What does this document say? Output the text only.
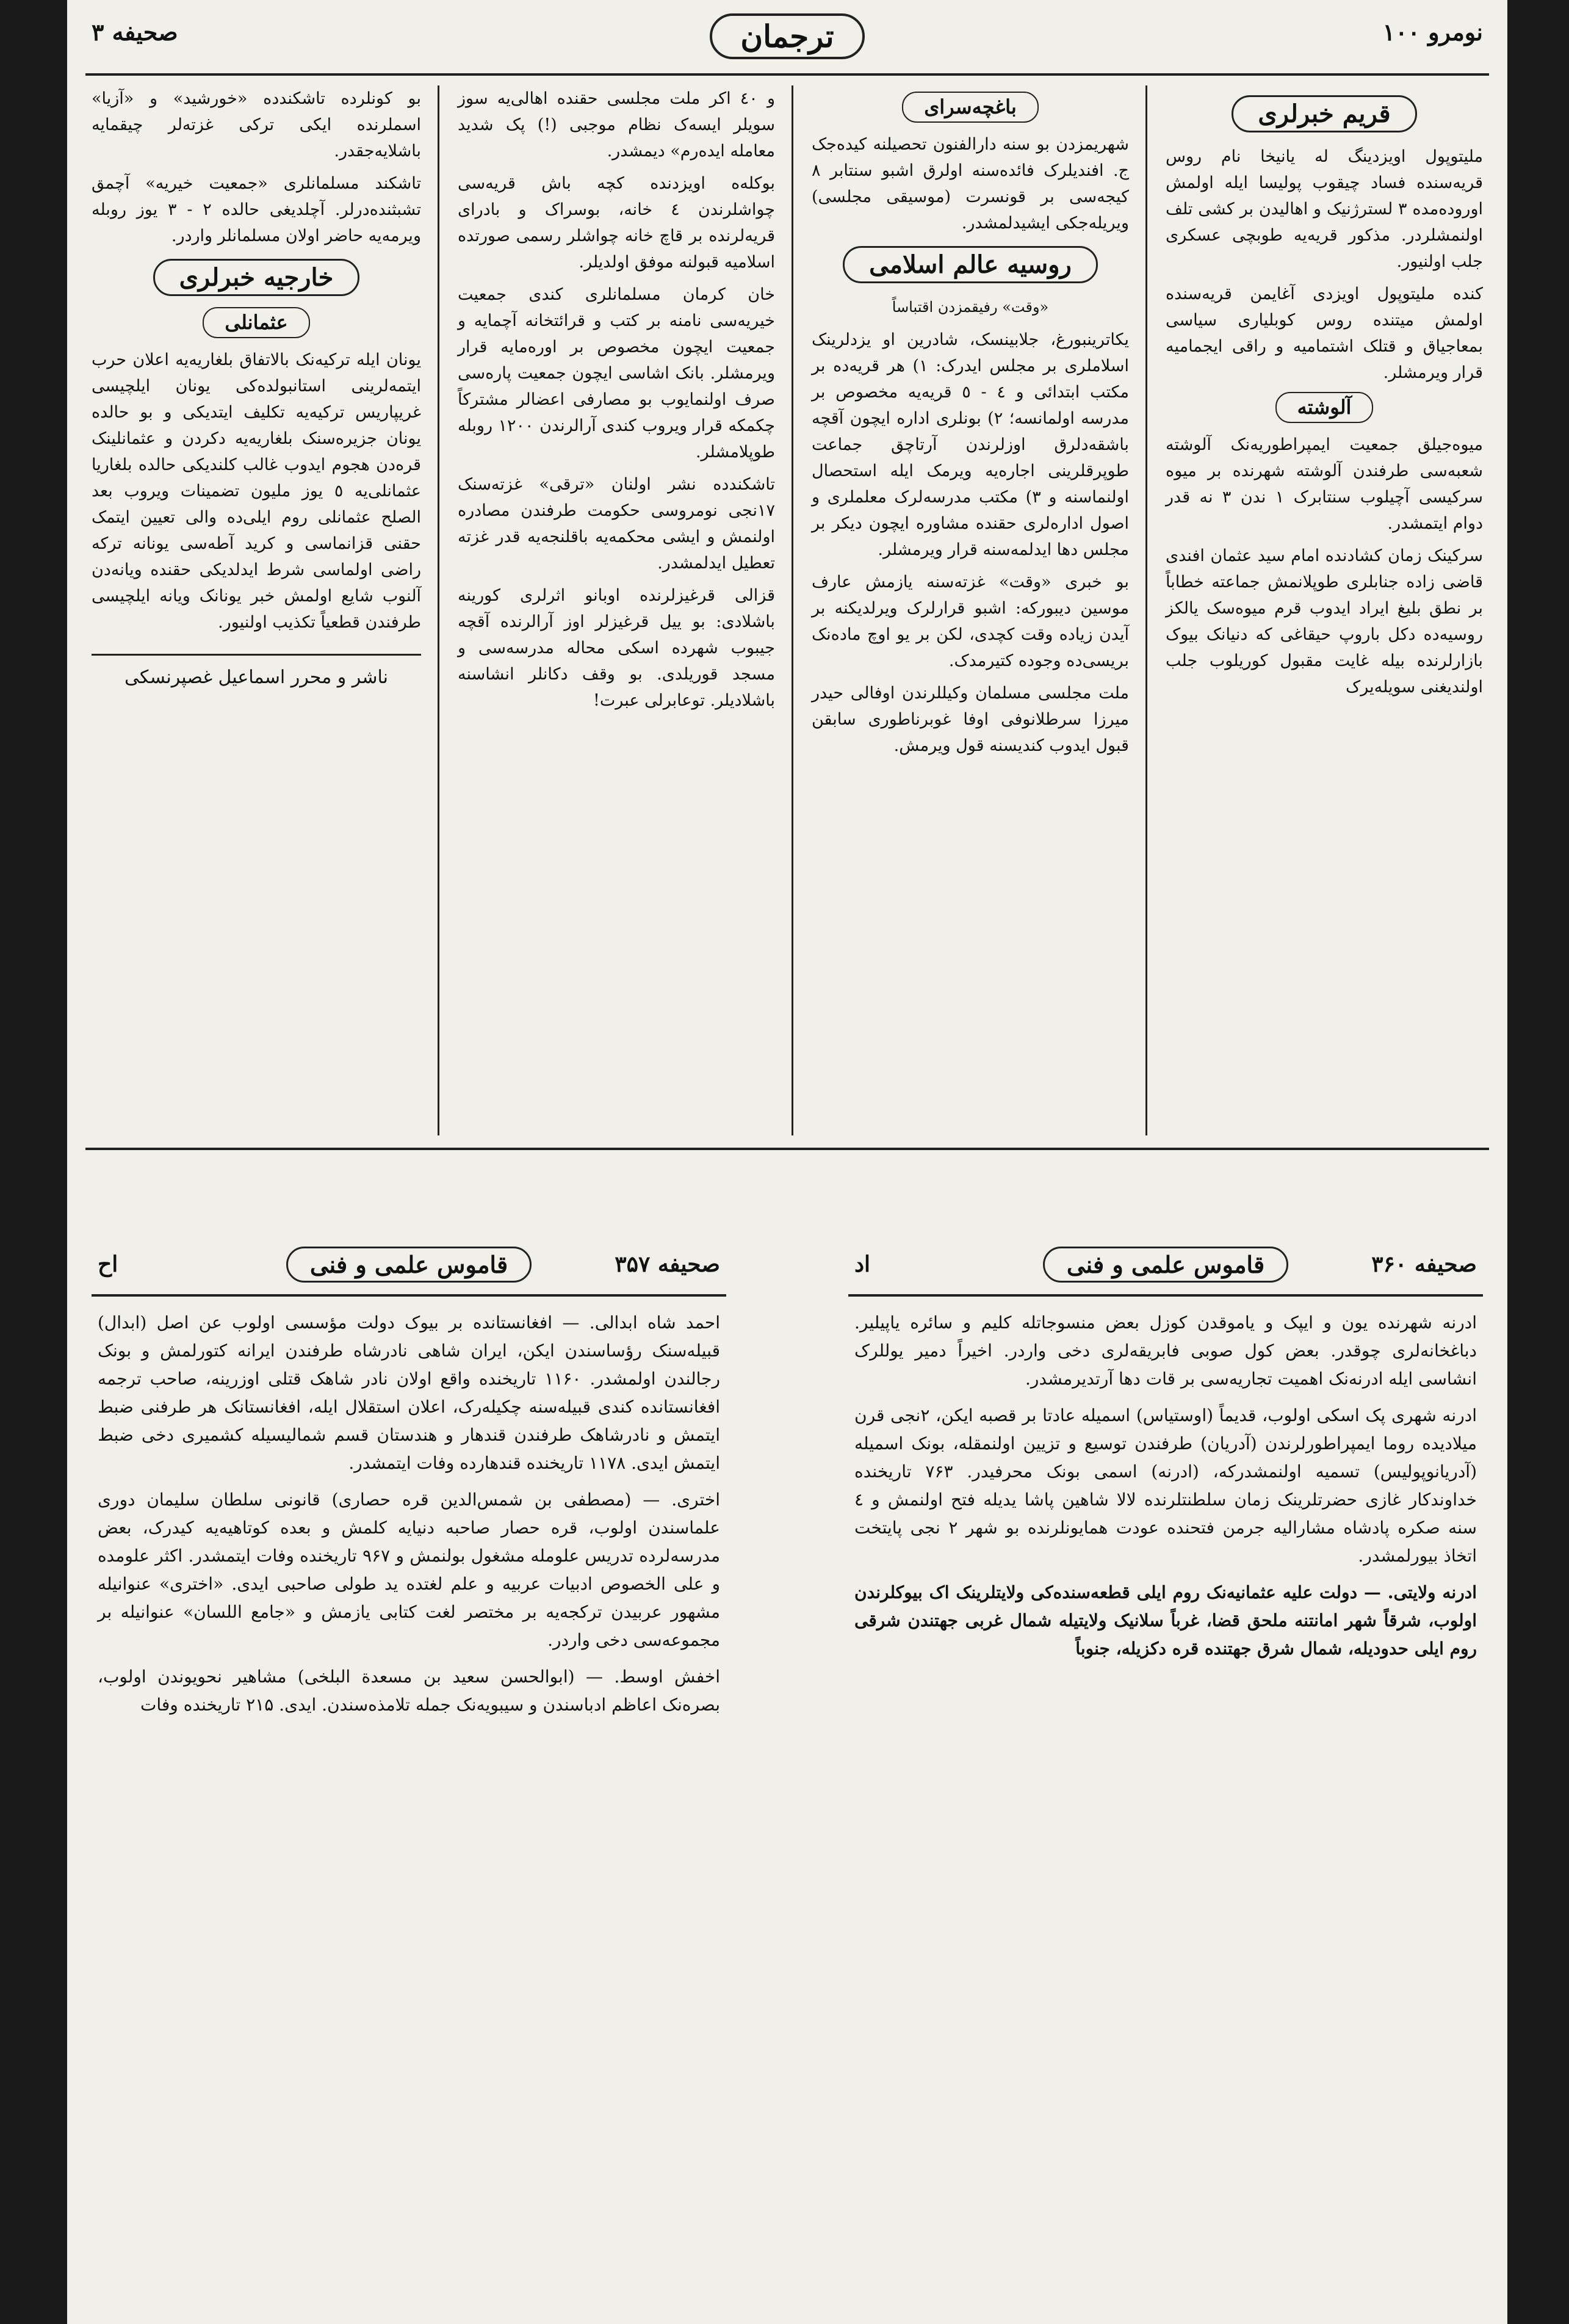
نومرو ۱۰۰
ترجمان
صحیفه ۳
قریم خبرلری

ملیتوپول اویزدینگ له یانیخا نام روس قریه‌سنده فساد چیقوب پولیسا ایله اولمش اوروده‌مده ۳ لسترژنیک و اهالیدن بر کشی تلف اولنمشلردر. مذکور قریه‌یه طوبچی عسکری جلب اولنیور.

کنده ملیتوپول اویزدی آغایمن قریه‌سنده اولمش میتنده روس کوبلیاری سیاسی بمعاجیاق و قتلک اشتمامیه و راقی ایجمامیه قرار ویرمشلر.

آلوشته

میوه‌جیلق جمعیت ایمپراطوریه‌نک آلوشته شعبه‌سی طرفندن آلوشته شهرنده بر میوه سرکیسی آچیلوب سنتابرک ۱ ندن ۳ نه قدر دوام ایتمشدر.

سرکینک زمان کشادنده امام سید عثمان افندی قاضی زاده جنابلری طوپلانمش جماعته خطاباً بر نطق بلیغ ایراد ایدوب قرم میوه‌سک یالکز روسیه‌ده دکل باروپ حیقاغی که دنیانک بیوک بازارلرنده بیله غایت مقبول کوریلوب جلب اولندیغنی سویله‌یرک

باغچه‌سرای

شهریمزدن بو سنه دارالفنون تحصیلنه کیدەجک ج. افندیلرک فائده‌سنه اولرق اشبو سنتابر ۸ کیجه‌سی بر قونسرت (موسیقی مجلسی) ویریله‌جکی ایشیدلمشدر.

روسیه عالم اسلامی

«وقت» رفیقمزدن اقتباساً

یکاترینبورغ، جلابینسک، شادرین او یزدلرینک اسلاملری بر مجلس ایدرک: ۱) هر قریه‌ده بر مکتب ابتدائی و ٤ - ٥ قریه‌یه مخصوص بر مدرسه اولمانسه؛ ۲) بونلری اداره ایچون آقچه باشقه‌دلرق اوزلرندن آرتاچق جماعت طوپرقلرینی اجاره‌یه ویرمک ایله استحصال اولنماسنه و ۳) مکتب مدرسه‌لرک معلملری و اصول ادارەلری حقنده مشاوره ایچون دیکر بر مجلس دها ایدلمەسنه قرار ویرمشلر.

بو خبری «وقت» غزته‌سنه یازمش عارف موسین دیبورکه: اشبو قرارلرک ویرلدیکنه بر آیدن زیاده وقت کچدی، لکن بر یو اوچ ماده‌نک بریسی‌ده وجوده کتیرمدک.

ملت مجلسی مسلمان وکیللرندن اوفالی حیدر میرزا سرطلانوفی اوفا غوبرناطوری سابقن قبول ایدوب کندیسنه قول ویرمش.

و ٤٠ اکر ملت مجلسی حقنده اهالی‌یه سوز سویلر ایسه‌ک نظام موجبی (!) پک شدید معامله ایدەرم» دیمشدر.

بوکله‌ه اویزدنده کچه باش قریه‌سی چواشلرندن ٤ خانه، بوسراک و بادرای قریه‌لرنده بر قاچ خانه چواشلر رسمی صورتده اسلامیه قبولنه موفق اولدیلر.

خان کرمان مسلمانلری کندی جمعیت خیریه‌سی نامنه بر کتب و قرائتخانه آچمایه و جمعیت ایچون مخصوص بر اوره‌مایه قرار ویرمشلر. بانک اشاسی ایچون جمعیت پاره‌سی صرف اولنمایوب بو مصارفی اعضالر مشترکاً چکمکه قرار ویروب کندی آرالرندن ۱۲۰۰ روبله طوپلامشلر.

تاشکندده نشر اولنان «ترقی» غزته‌سنک ۱۷نجی نومروسی حکومت طرفندن مصادره اولنمش و ایشی محکمه‌یه باقلنجه‌یه قدر غزته تعطیل ایدلمشدر.

قزالی قرغیزلرنده اوبانو اثرلری کورینه باشلادی: بو ییل قرغیزلر اوز آرالرنده آقچه جیبوب شهرده اسکی محاله مدرسه‌سی و مسجد قوریلدی. بو وقف دکانلر انشاسنه باشلادیلر. توعابرلی عبرت!

بو کونلرده تاشکندده «خورشید» و «آزیا» اسملرنده ایکی ترکی غزته‌لر چیقمایه باشلایه‌جقدر.

تاشکند مسلمانلری «جمعیت خیریه» آچمق تشبثنده‌درلر. آچلدیغی حالده ۲ - ۳ یوز روبله ویرمه‌یه حاضر اولان مسلمانلر واردر.

خارجیه خبرلری
عثمانلی

یونان ایله ترکیه‌نک بالاتفاق بلغاریه‌یه اعلان حرب ایتمەلرینی استانبولده‌کی یونان ایلچیسی غریپاریس ترکیه‌یه تکلیف ایتدیکی و بو حالده یونان جزیره‌سنک بلغاریه‌یه دکردن و عثمانلینک قره‌دن هجوم ایدوب غالب کلندیکی حالده بلغاریا عثمانلی‌یه ٥ یوز ملیون تضمینات ویروب بعد الصلح عثمانلی روم ایلی‌ده والی تعیین ایتمک حقنی قزانماسی و کرید آطه‌سی یونانه ترکه راضی اولماسی شرط ایدلدیکی حقنده ویانه‌دن آلنوب شایع اولمش خبر یونانک ویانه ایلچیسی طرفندن قطعیاً تکذیب اولنیور.

ناشر و محرر اسماعیل غصپرنسکی
اد	قاموس علمی و فنی	صحیفه ۳۶۰

ادرنه شهرنده یون و ایپک و یاموقدن کوزل بعض منسوجاتله کلیم و سائره یاپیلیر. دباغخانه‌لری چوقدر. بعض کول صوبی فابریقه‌لری دخی واردر. اخیراً دمیر یوللرک انشاسی ایله ادرنه‌نک اهمیت تجاریه‌سی بر قات دها آرتدیرمشدر.

ادرنه شهری پک اسکی اولوب، قدیماً (اوستیاس) اسمیله عادتا بر قصبه ایکن، ۲نجی قرن میلادیده روما ایمپراطورلرندن (آدریان) طرفندن توسیع و تزیین اولنمقله، بونک اسمیله (آدریانوپولیس) تسمیه اولنمشدرکه، (ادرنه) اسمی بونک محرفیدر. ۷۶۳ تاریخنده خداوندکار غازی حضرتلرینک زمان سلطنتلرنده لالا شاهین پاشا یدیله فتح اولنمش و ٤ سنه صکره پادشاه مشارالیه جرمن فتحنده عودت همایونلرنده بو شهر ۲ نجی پایتخت اتخاذ بیورلمشدر.

ادرنه ولایتی. — دولت علیه عثمانیه‌نک روم ایلی قطعه‌سنده‌کی ولایتلرینک اک بیوکلرندن اولوب، شرقاً شهر امانتنه ملحق قضا، غرباً سلانیک ولایتیله شمال غربی جهتندن شرقی روم ایلی حدودیله، شمال شرق جهتنده قره دکزیله، جنوباً

اح	قاموس علمی و فنی	صحیفه ۳۵۷

احمد شاه ابدالی. — افغانستانده بر بیوک دولت مؤسسی اولوب عن اصل (ابدال) قبیله‌سنک رؤساسندن ایکن، ایران شاهی نادرشاه طرفندن ایرانه کتورلمش و بونک رجالندن اولمشدر. ۱۱۶۰ تاریخنده واقع اولان نادر شاهک قتلی اوزرینه، صاحب ترجمه افغانستانده کندی قبیله‌سنه چکیله‌رک، اعلان استقلال ایله، افغانستانک هر طرفنی ضبط ایتمش و نادرشاهک طرفندن قندهار و هندستان قسم شمالیسیله کشمیری دخی ضبط ایتمش ایدی. ۱۱۷۸ تاریخنده قندهارده وفات ایتمشدر.

اختری. — (مصطفی بن شمس‌الدین قره حصاری) قانونی سلطان سلیمان دوری علماسندن اولوب، قره حصار صاحبه دنیایه کلمش و بعده کوتاهیه‌یه کیدرک، بعض مدرسه‌لرده تدریس علومله مشغول بولنمش و ۹۶۷ تاریخنده وفات ایتمشدر. اکثر علومده و علی الخصوص ادبیات عربیه و علم لغتده ید طولی صاحبی ایدی. «اختری» عنوانیله مشهور عربیدن ترکجه‌یه بر مختصر لغت کتابی یازمش و «جامع اللسان» عنوانیله بر مجموعه‌سی دخی واردر.

اخفش اوسط. — (ابوالحسن سعید بن مسعدة البلخی) مشاهیر نحویوندن اولوب، بصره‌نک اعاظم ادباسندن و سیبویه‌نک جمله تلامذه‌سندن. ایدی. ۲۱۵ تاریخنده وفات
